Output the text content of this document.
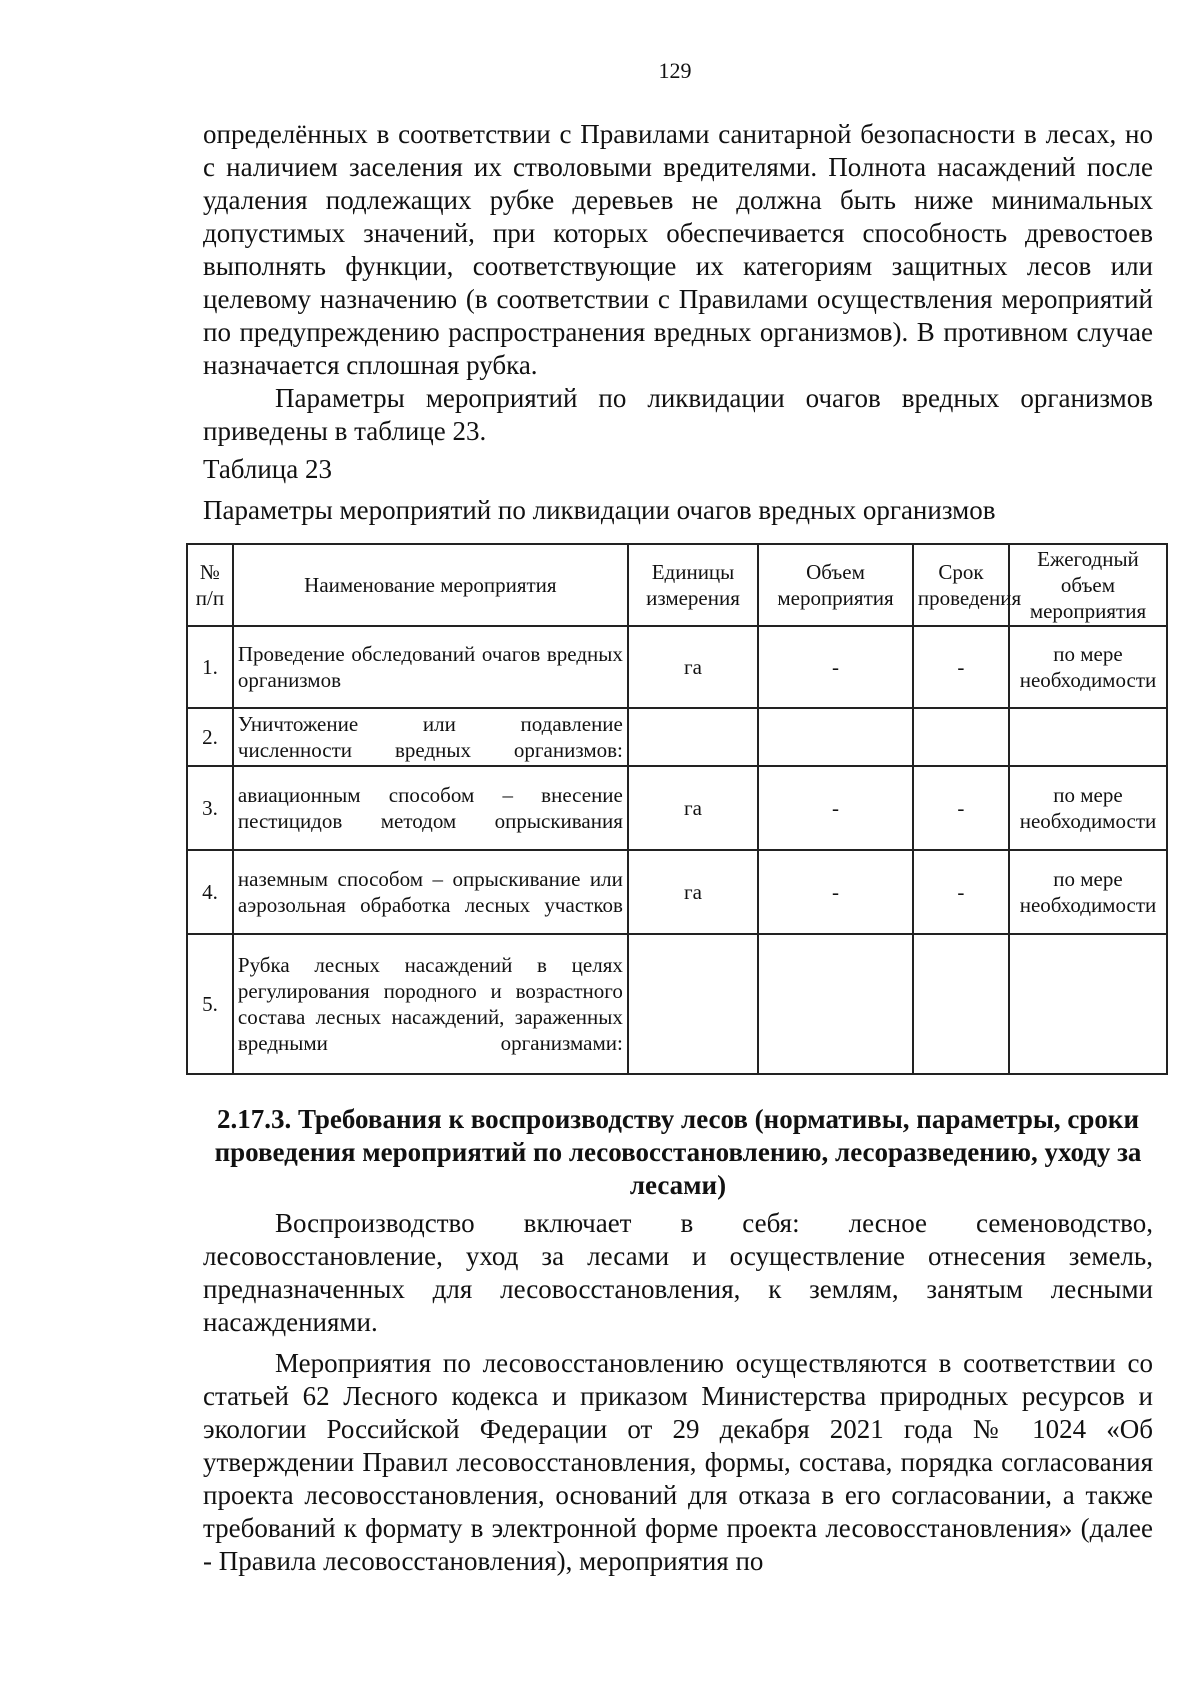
129

определённых в соответствии с Правилами санитарной безопасности в лесах, но с наличием заселения их стволовыми вредителями. Полнота насаждений после удаления подлежащих рубке деревьев не должна быть ниже минимальных допустимых значений, при которых обеспечивается способность древостоев выполнять функции, соответствующие их категориям защитных лесов или целевому назначению (в соответствии с Правилами осуществления мероприятий по предупреждению распространения вредных организмов). В противном случае назначается сплошная рубка.

Параметры мероприятий по ликвидации очагов вредных организмов приведены в таблице 23.

Таблица 23
Параметры мероприятий по ликвидации очагов вредных организмов
№ п/п	Наименование мероприятия	Единицы измерения	Объем мероприятия	Срок проведения	Ежегодный объем мероприятия
1.	Проведение обследований очагов вредных организмов	га	-	-	по мере необходимости
2.	Уничтожение или подавление численности вредных организмов:				
3.	авиационным способом – внесение пестицидов методом опрыскивания	га	-	-	по мере необходимости
4.	наземным способом – опрыскивание или аэрозольная обработка лесных участков	га	-	-	по мере необходимости
5.	Рубка лесных насаждений в целях регулирования породного и возрастного состава лесных насаждений, зараженных вредными организмами:				
2.17.3. Требования к воспроизводству лесов (нормативы, параметры, сроки проведения мероприятий по лесовосстановлению, лесоразведению, уходу за лесами)

Воспроизводство включает в себя: лесное семеноводство, лесовосстановление, уход за лесами и осуществление отнесения земель, предназначенных для лесовосстановления, к землям, занятым лесными насаждениями.

Мероприятия по лесовосстановлению осуществляются в соответствии со статьей 62 Лесного кодекса и приказом Министерства природных ресурсов и экологии Российской Федерации от 29 декабря 2021 года № 1024 «Об утверждении Правил лесовосстановления, формы, состава, порядка согласования проекта лесовосстановления, оснований для отказа в его согласовании, а также требований к формату в электронной форме проекта лесовосстановления» (далее - Правила лесовосстановления), мероприятия по
